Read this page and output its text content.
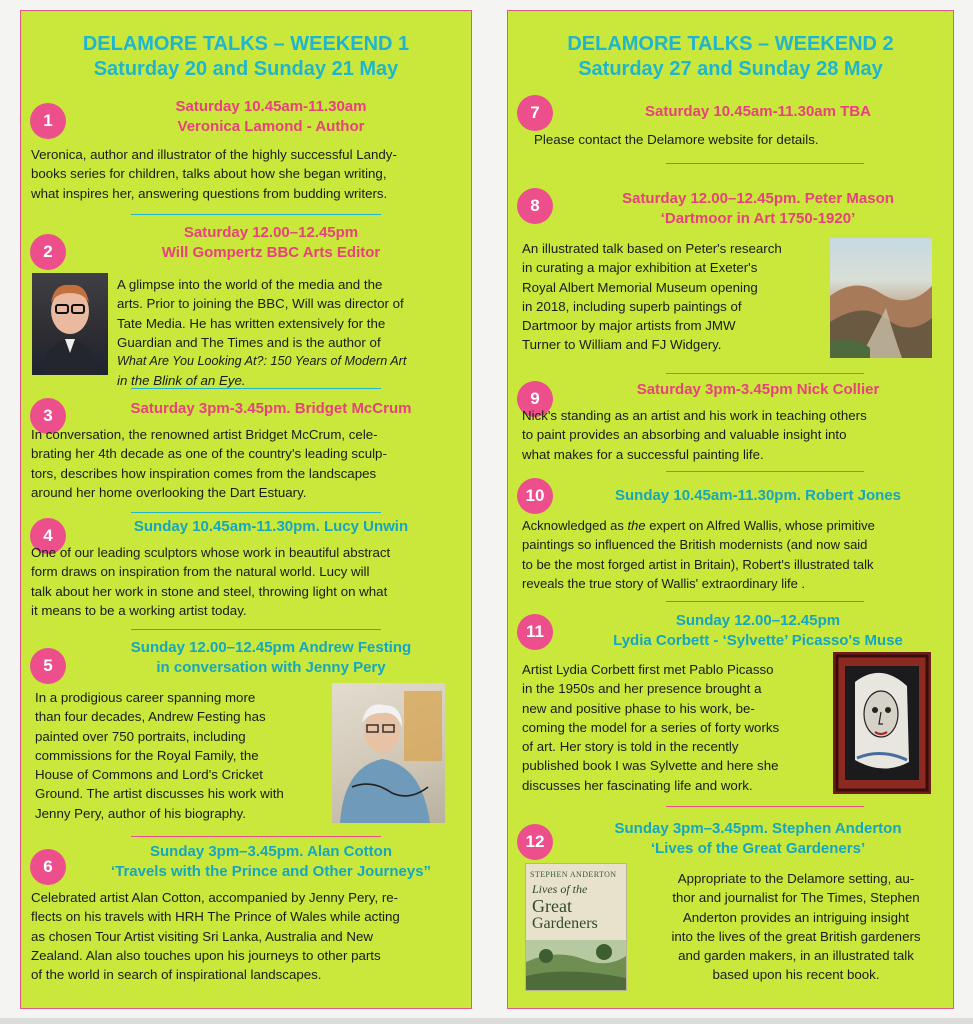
DELAMORE TALKS – WEEKEND 1
Saturday 20 and Sunday 21 May
1
Saturday 10.45am-11.30am
Veronica Lamond - Author
Veronica, author and illustrator of the highly successful Landy-
books series for children, talks about how she began writing,
what inspires her, answering questions from budding writers.
2
Saturday 12.00–12.45pm
Will Gompertz BBC Arts Editor
A glimpse into the world of the media and the
arts. Prior to joining the BBC, Will was director of
Tate Media. He has written extensively for the
Guardian and The Times and is the author of
What Are You Looking At?: 150 Years of Modern Art
in the Blink of an Eye.
3	Saturday 3pm-3.45pm. Bridget McCrum
In conversation, the renowned artist Bridget McCrum, cele-
brating her 4th decade as one of the country's leading sculp-
tors, describes how inspiration comes from the landscapes
around her home overlooking the Dart Estuary.
4	Sunday 10.45am-11.30pm. Lucy Unwin
One of our leading sculptors whose work in beautiful abstract
form draws on inspiration from the natural world. Lucy will
talk about her work in stone and steel, throwing light on what
it means to be a working artist today.
5
Sunday 12.00–12.45pm Andrew Festing
in conversation with Jenny Pery
In a prodigious career spanning more
than four decades, Andrew Festing has
painted over 750 portraits, including
commissions for the Royal Family, the
House of Commons and Lord's Cricket
Ground. The artist discusses his work with
Jenny Pery, author of his biography.
6
Sunday 3pm–3.45pm. Alan Cotton
‘Travels with the Prince and Other Journeys”
Celebrated artist Alan Cotton, accompanied by Jenny Pery, re-
flects on his travels with HRH The Prince of Wales while acting
as chosen Tour Artist visiting Sri Lanka, Australia and New
Zealand. Alan also touches upon his journeys to other parts
of the world in search of inspirational landscapes.
DELAMORE TALKS – WEEKEND 2
Saturday 27 and Sunday 28 May
7	Saturday 10.45am-11.30am TBA
Please contact the Delamore website for details.
8	Saturday 12.00–12.45pm. Peter Mason
‘Dartmoor in Art 1750-1920’
An illustrated talk based on Peter's research
in curating a major exhibition at Exeter's
Royal Albert Memorial Museum opening
in 2018, including superb paintings of
Dartmoor by major artists from JMW
Turner to William and FJ Widgery.
9	Saturday 3pm-3.45pm Nick Collier
Nick's standing as an artist and his work in teaching others
to paint provides an absorbing and valuable insight into
what makes for a successful painting life.
10	Sunday 10.45am-11.30pm. Robert Jones
Acknowledged as the expert on Alfred Wallis, whose primitive
paintings so influenced the British modernists (and now said
to be the most forged artist in Britain), Robert's illustrated talk
reveals the true story of Wallis' extraordinary life .
11
Sunday 12.00–12.45pm
Lydia Corbett - ‘Sylvette’ Picasso's Muse
Artist Lydia Corbett first met Pablo Picasso
in the 1950s and her presence brought a
new and positive phase to his work, be-
coming the model for a series of forty works
of art. Her story is told in the recently
published book I was Sylvette and here she
discusses her fascinating life and work.
12
Sunday 3pm–3.45pm. Stephen Anderton
‘Lives of the Great Gardeners’
STEPHEN ANDERTON
Lives of the
Great
Gardeners
Appropriate to the Delamore setting, au-
thor and journalist for The Times, Stephen
Anderton provides an intriguing insight
into the lives of the great British gardeners
and garden makers, in an illustrated talk
based upon his recent book.
